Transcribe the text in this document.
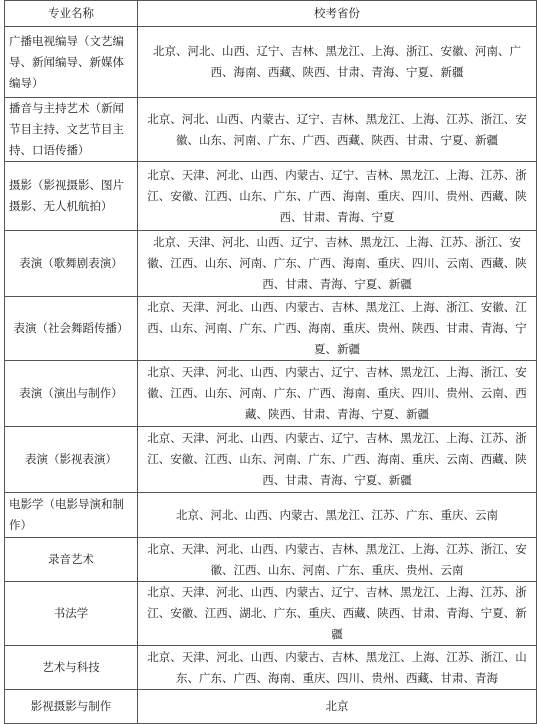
专业名称	校考省份
广播电视编导（文艺编导、新闻编导、新媒体编导）	北京、河北、山西、辽宁、吉林、黑龙江、上海、浙江、安徽、河南、广西、海南、西藏、陕西、甘肃、青海、宁夏、新疆
播音与主持艺术（新闻节目主持、文艺节目主持、口语传播）	北京、河北、山西、内蒙古、辽宁、吉林、黑龙江、上海、江苏、浙江、安徽、山东、河南、广东、广西、西藏、陕西、甘肃、宁夏、新疆
摄影（影视摄影、图片摄影、无人机航拍）	北京、天津、河北、山西、内蒙古、辽宁、吉林、黑龙江、上海、江苏、浙江、安徽、江西、山东、广东、广西、海南、重庆、四川、贵州、西藏、陕西、甘肃、青海、宁夏
表演（歌舞剧表演）	北京、天津、河北、山西、辽宁、吉林、黑龙江、上海、江苏、浙江、安徽、江西、山东、河南、广东、广西、海南、重庆、四川、云南、西藏、陕西、甘肃、青海、宁夏、新疆
表演（社会舞蹈传播）	北京、天津、河北、山西、内蒙古、吉林、黑龙江、上海、浙江、安徽、江西、山东、河南、广东、广西、海南、重庆、贵州、陕西、甘肃、青海、宁夏、新疆
表演（演出与制作）	北京、天津、河北、山西、内蒙古、辽宁、吉林、黑龙江、上海、浙江、安徽、江西、山东、河南、广东、广西、海南、重庆、四川、贵州、云南、西藏、陕西、甘肃、青海、宁夏、新疆
表演（影视表演）	北京、天津、河北、山西、内蒙古、辽宁、吉林、黑龙江、上海、江苏、浙江、安徽、江西、山东、河南、广东、广西、海南、重庆、云南、西藏、陕西、甘肃、青海、宁夏、新疆
电影学（电影导演和制作）	北京、河北、山西、内蒙古、黑龙江、江苏、广东、重庆、云南
录音艺术	北京、天津、河北、山西、内蒙古、吉林、黑龙江、上海、江苏、浙江、安徽、江西、山东、河南、广东、重庆、贵州、云南
书法学	北京、天津、河北、山西、内蒙古、辽宁、吉林、黑龙江、上海、江苏、浙江、安徽、江西、湖北、广东、重庆、西藏、陕西、甘肃、青海、宁夏、新疆
艺术与科技	北京、天津、河北、山西、内蒙古、吉林、黑龙江、上海、江苏、浙江、山东、广东、广西、海南、重庆、四川、贵州、西藏、甘肃、青海
影视摄影与制作	北京
